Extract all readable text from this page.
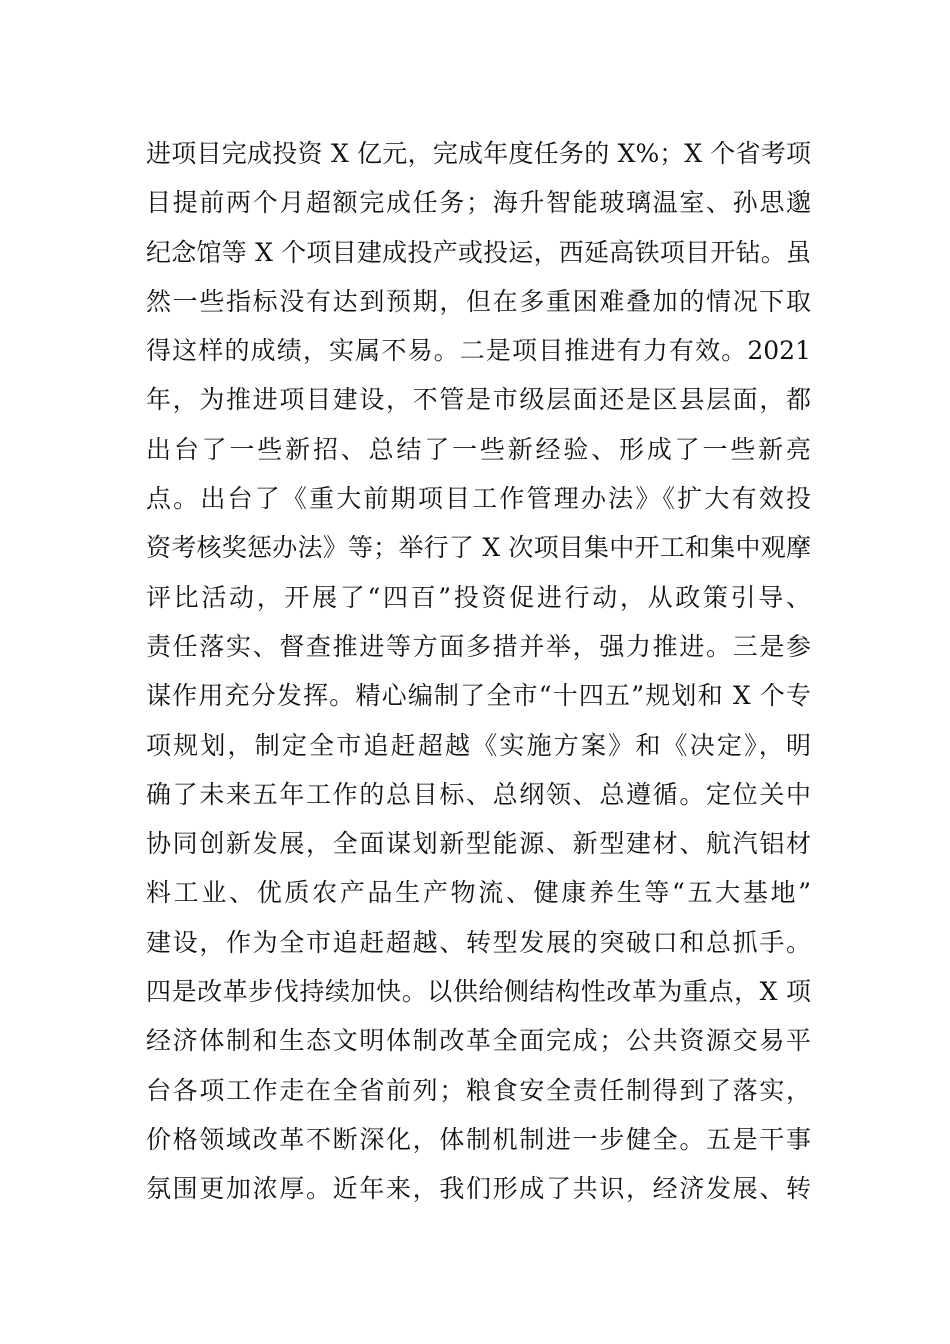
进项目完成投资 X 亿元，完成年度任务的 X%；X 个省考项
目提前两个月超额完成任务；海升智能玻璃温室、孙思邈
纪念馆等 X 个项目建成投产或投运，西延高铁项目开钻。虽
然一些指标没有达到预期，但在多重困难叠加的情况下取
得这样的成绩，实属不易。二是项目推进有力有效。2021
年，为推进项目建设，不管是市级层面还是区县层面，都
出台了一些新招、总结了一些新经验、形成了一些新亮
点。出台了《重大前期项目工作管理办法》《扩大有效投
资考核奖惩办法》等；举行了 X 次项目集中开工和集中观摩
评比活动，开展了“四百”投资促进行动，从政策引导、
责任落实、督查推进等方面多措并举，强力推进。三是参
谋作用充分发挥。精心编制了全市“十四五”规划和 X 个专
项规划，制定全市追赶超越《实施方案》和《决定》，明
确了未来五年工作的总目标、总纲领、总遵循。定位关中
协同创新发展，全面谋划新型能源、新型建材、航汽铝材
料工业、优质农产品生产物流、健康养生等“五大基地”
建设，作为全市追赶超越、转型发展的突破口和总抓手。
四是改革步伐持续加快。以供给侧结构性改革为重点，X 项
经济体制和生态文明体制改革全面完成；公共资源交易平
台各项工作走在全省前列；粮食安全责任制得到了落实，
价格领域改革不断深化，体制机制进一步健全。五是干事
氛围更加浓厚。近年来，我们形成了共识，经济发展、转
